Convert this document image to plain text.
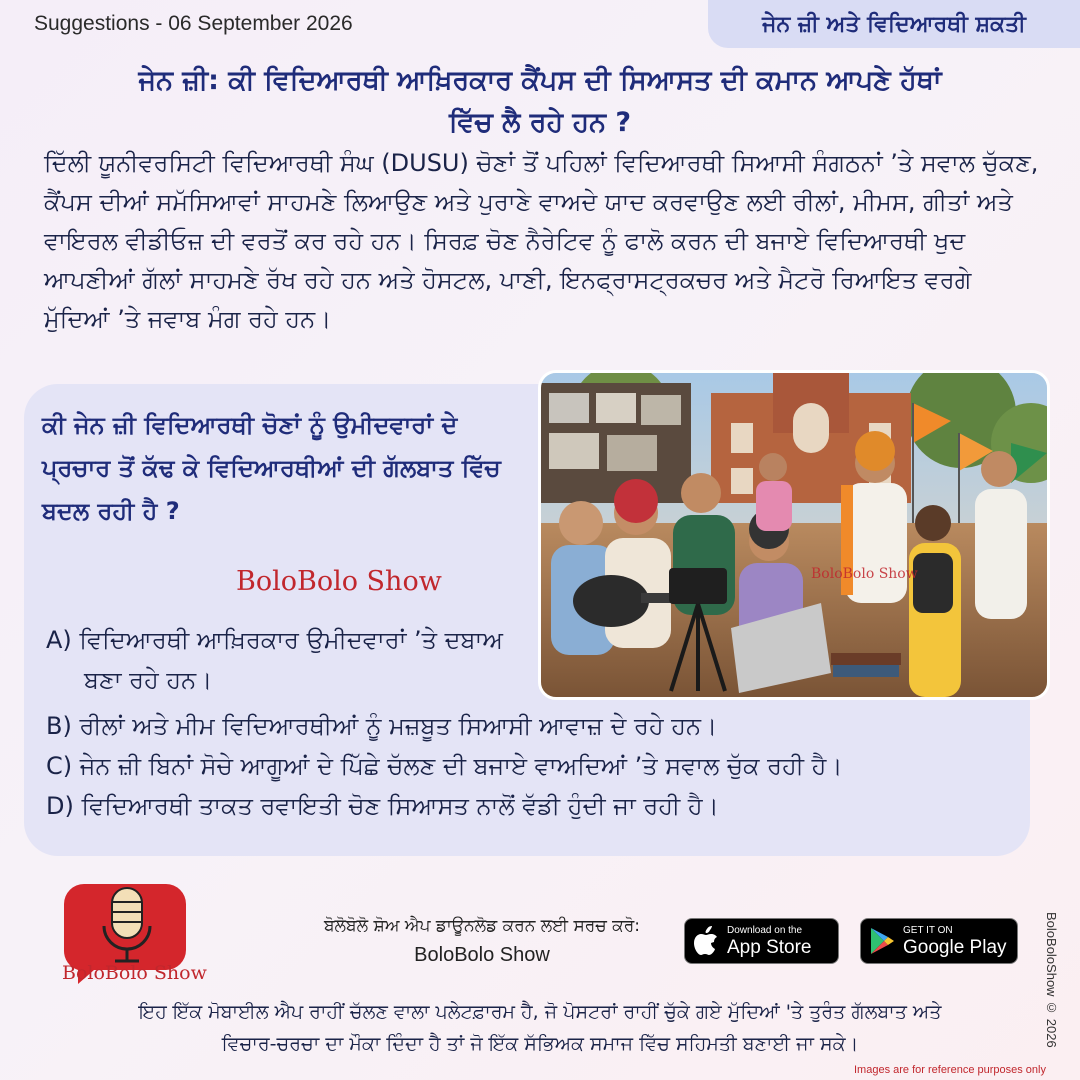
Suggestions - 06 September 2026	ਜੇਨ ਜ਼ੀ ਅਤੇ ਵਿਦਿਆਰਥੀ ਸ਼ਕਤੀ
ਜੇਨ ਜ਼ੀ: ਕੀ ਵਿਦਿਆਰਥੀ ਆਖ਼ਿਰਕਾਰ ਕੈਂਪਸ ਦੀ ਸਿਆਸਤ ਦੀ ਕਮਾਨ ਆਪਣੇ ਹੱਥਾਂ
ਵਿੱਚ ਲੈ ਰਹੇ ਹਨ ?
ਦਿੱਲੀ ਯੂਨੀਵਰਸਿਟੀ ਵਿਦਿਆਰਥੀ ਸੰਘ (DUSU) ਚੋਣਾਂ ਤੋਂ ਪਹਿਲਾਂ ਵਿਦਿਆਰਥੀ ਸਿਆਸੀ ਸੰਗਠਨਾਂ ’ਤੇ ਸਵਾਲ ਚੁੱਕਣ, ਕੈਂਪਸ ਦੀਆਂ ਸਮੱਸਿਆਵਾਂ ਸਾਹਮਣੇ ਲਿਆਉਣ ਅਤੇ ਪੁਰਾਣੇ ਵਾਅਦੇ ਯਾਦ ਕਰਵਾਉਣ ਲਈ ਰੀਲਾਂ, ਮੀਮਸ, ਗੀਤਾਂ ਅਤੇ ਵਾਇਰਲ ਵੀਡੀਓਜ਼ ਦੀ ਵਰਤੋਂ ਕਰ ਰਹੇ ਹਨ। ਸਿਰਫ਼ ਚੋਣ ਨੈਰੇਟਿਵ ਨੂੰ ਫਾਲੋ ਕਰਨ ਦੀ ਬਜਾਏ ਵਿਦਿਆਰਥੀ ਖੁਦ ਆਪਣੀਆਂ ਗੱਲਾਂ ਸਾਹਮਣੇ ਰੱਖ ਰਹੇ ਹਨ ਅਤੇ ਹੋਸਟਲ, ਪਾਣੀ, ਇਨਫ੍ਰਾਸਟ੍ਰਕਚਰ ਅਤੇ ਮੈਟਰੋ ਰਿਆਇਤ ਵਰਗੇ ਮੁੱਦਿਆਂ ’ਤੇ ਜਵਾਬ ਮੰਗ ਰਹੇ ਹਨ।
ਕੀ ਜੇਨ ਜ਼ੀ ਵਿਦਿਆਰਥੀ ਚੋਣਾਂ ਨੂੰ ਉਮੀਦਵਾਰਾਂ ਦੇ ਪ੍ਰਚਾਰ ਤੋਂ ਕੱਢ ਕੇ ਵਿਦਿਆਰਥੀਆਂ ਦੀ ਗੱਲਬਾਤ ਵਿੱਚ ਬਦਲ ਰਹੀ ਹੈ ?
BoloBolo Show	BoloBolo Show
A) ਵਿਦਿਆਰਥੀ ਆਖ਼ਿਰਕਾਰ ਉਮੀਦਵਾਰਾਂ ’ਤੇ ਦਬਾਅ ਬਣਾ ਰਹੇ ਹਨ।
B) ਰੀਲਾਂ ਅਤੇ ਮੀਮ ਵਿਦਿਆਰਥੀਆਂ ਨੂੰ ਮਜ਼ਬੂਤ ਸਿਆਸੀ ਆਵਾਜ਼ ਦੇ ਰਹੇ ਹਨ।
C) ਜੇਨ ਜ਼ੀ ਬਿਨਾਂ ਸੋਚੇ ਆਗੂਆਂ ਦੇ ਪਿੱਛੇ ਚੱਲਣ ਦੀ ਬਜਾਏ ਵਾਅਦਿਆਂ ’ਤੇ ਸਵਾਲ ਚੁੱਕ ਰਹੀ ਹੈ।
D) ਵਿਦਿਆਰਥੀ ਤਾਕਤ ਰਵਾਇਤੀ ਚੋਣ ਸਿਆਸਤ ਨਾਲੋਂ ਵੱਡੀ ਹੁੰਦੀ ਜਾ ਰਹੀ ਹੈ।
BoloBolo Show
ਬੋਲੋਬੋਲੋ ਸ਼ੋਅ ਐਪ ਡਾਊਨਲੋਡ ਕਰਨ ਲਈ ਸਰਚ ਕਰੋ:
BoloBolo Show
Download on the
App Store
GET IT ON
Google Play
ਇਹ ਇੱਕ ਮੋਬਾਈਲ ਐਪ ਰਾਹੀਂ ਚੱਲਣ ਵਾਲਾ ਪਲੇਟਫ਼ਾਰਮ ਹੈ, ਜੋ ਪੋਸਟਰਾਂ ਰਾਹੀਂ ਚੁੱਕੇ ਗਏ ਮੁੱਦਿਆਂ 'ਤੇ ਤੁਰੰਤ ਗੱਲਬਾਤ ਅਤੇ
ਵਿਚਾਰ-ਚਰਚਾ ਦਾ ਮੌਕਾ ਦਿੰਦਾ ਹੈ ਤਾਂ ਜੋ ਇੱਕ ਸੱਭਿਅਕ ਸਮਾਜ ਵਿੱਚ ਸਹਿਮਤੀ ਬਣਾਈ ਜਾ ਸਕੇ।	BoloBoloShow © 2026
Images are for reference purposes only
